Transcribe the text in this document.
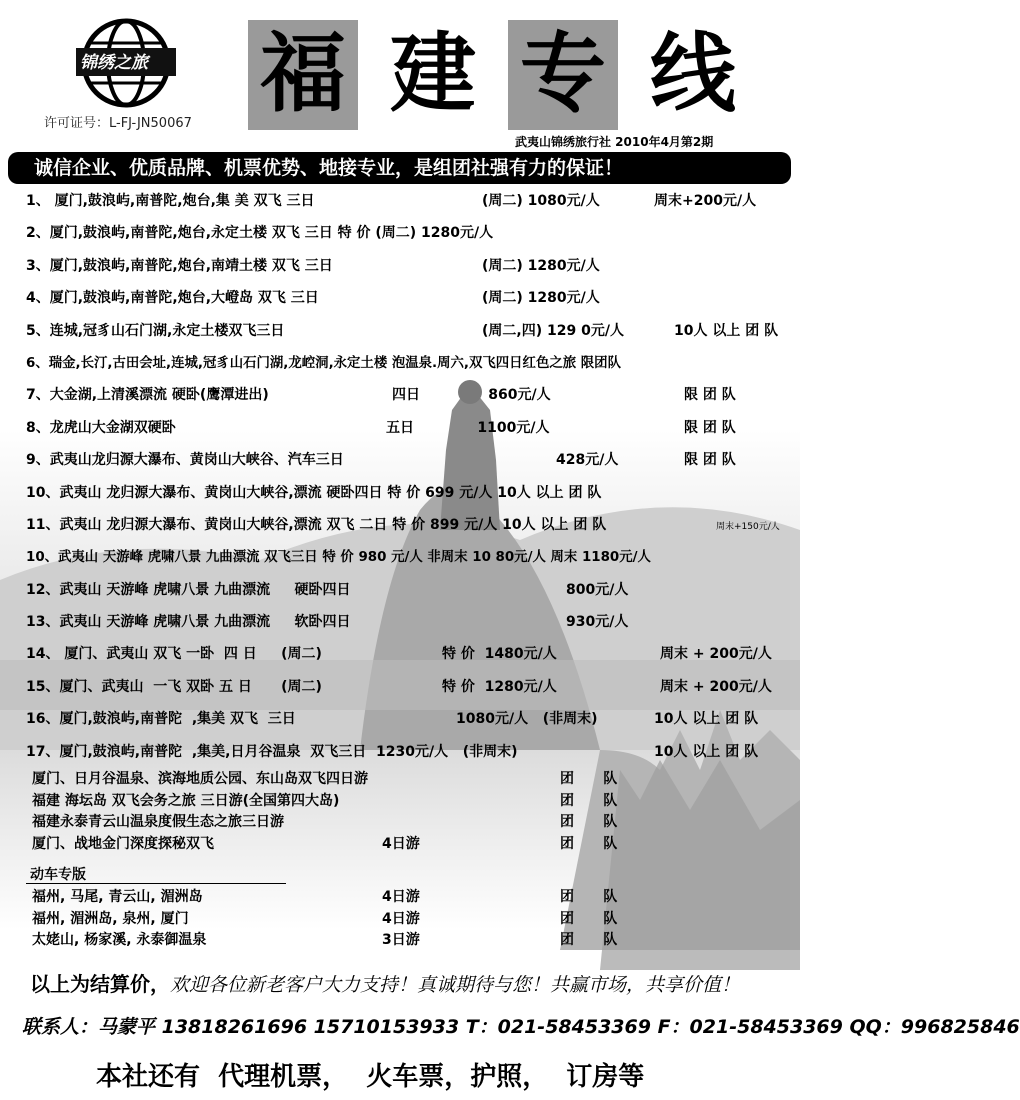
锦绣之旅
许可证号：L-FJ-JN50067 福 建 专 线
武夷山锦绣旅行社 2010年4月第2期
诚信企业、优质品牌、机票优势、地接专业，是组团社强有力的保证！
1、 厦门,鼓浪屿,南普陀,炮台,集 美 双飞 三日	(周二) 1080元/人	周末+200元/人
2、厦门,鼓浪屿,南普陀,炮台,永定土楼 双飞 三日 特 价 (周二) 1280元/人
3、厦门,鼓浪屿,南普陀,炮台,南靖土楼 双飞 三日	(周二) 1280元/人
4、厦门,鼓浪屿,南普陀,炮台,大嶝岛 双飞 三日	(周二) 1280元/人
5、连城,冠豸山石门湖,永定土楼双飞三日	(周二,四) 129 0元/人	10人 以上 团 队
6、瑞金,长汀,古田会址,连城,冠豸山石门湖,龙崆洞,永定土楼 泡温泉.周六,双飞四日红色之旅 限团队
7、大金湖,上清溪漂流 硬卧(鹰潭进出)	四日              860元/人	限 团 队
8、龙虎山大金湖双硬卧	五日             1100元/人	限 团 队
9、武夷山龙归源大瀑布、黄岗山大峡谷、汽车三日	428元/人	限 团 队
10、武夷山 龙归源大瀑布、黄岗山大峡谷,漂流 硬卧四日 特 价 699 元/人 10人 以上 团 队
11、武夷山 龙归源大瀑布、黄岗山大峡谷,漂流 双飞 二日 特 价 899 元/人 10人 以上 团 队	周末+150元/人
10、武夷山 天游峰 虎啸八景 九曲漂流 双飞三日 特 价 980 元/人 非周末 10 80元/人 周末 1180元/人
12、武夷山 天游峰 虎啸八景 九曲漂流     硬卧四日	800元/人
13、武夷山 天游峰 虎啸八景 九曲漂流     软卧四日	930元/人
14、 厦门、武夷山 双飞 一卧  四 日     (周二)	特 价  1480元/人	周末 + 200元/人
15、厦门、武夷山  一飞 双卧 五 日      (周二)	特 价  1280元/人	周末 + 200元/人
16、厦门,鼓浪屿,南普陀  ,集美 双飞  三日	1080元/人   (非周末)	10人 以上 团 队
17、厦门,鼓浪屿,南普陀  ,集美,日月谷温泉  双飞三日  1230元/人   (非周末)	10人 以上 团 队
厦门、日月谷温泉、滨海地质公园、东山岛双飞四日游	团      队
福建 海坛岛 双飞会务之旅 三日游(全国第四大岛)	团      队
福建永泰青云山温泉度假生态之旅三日游	团      队
厦门、战地金门深度探秘双飞	4日游	团      队
动车专版
福州, 马尾, 青云山, 湄洲岛	4日游	团      队
福州, 湄洲岛, 泉州, 厦门	4日游	团      队
太姥山, 杨家溪, 永泰御温泉	3日游	团      队
以上为结算价，欢迎各位新老客户大力支持！真诚期待与您！共赢市场，共享价值！
联系人：马蒙平 13818261696 15710153933 T：021-58453369 F：021-58453369 QQ：996825846
本社还有  代理机票，  火车票，护照，  订房等
